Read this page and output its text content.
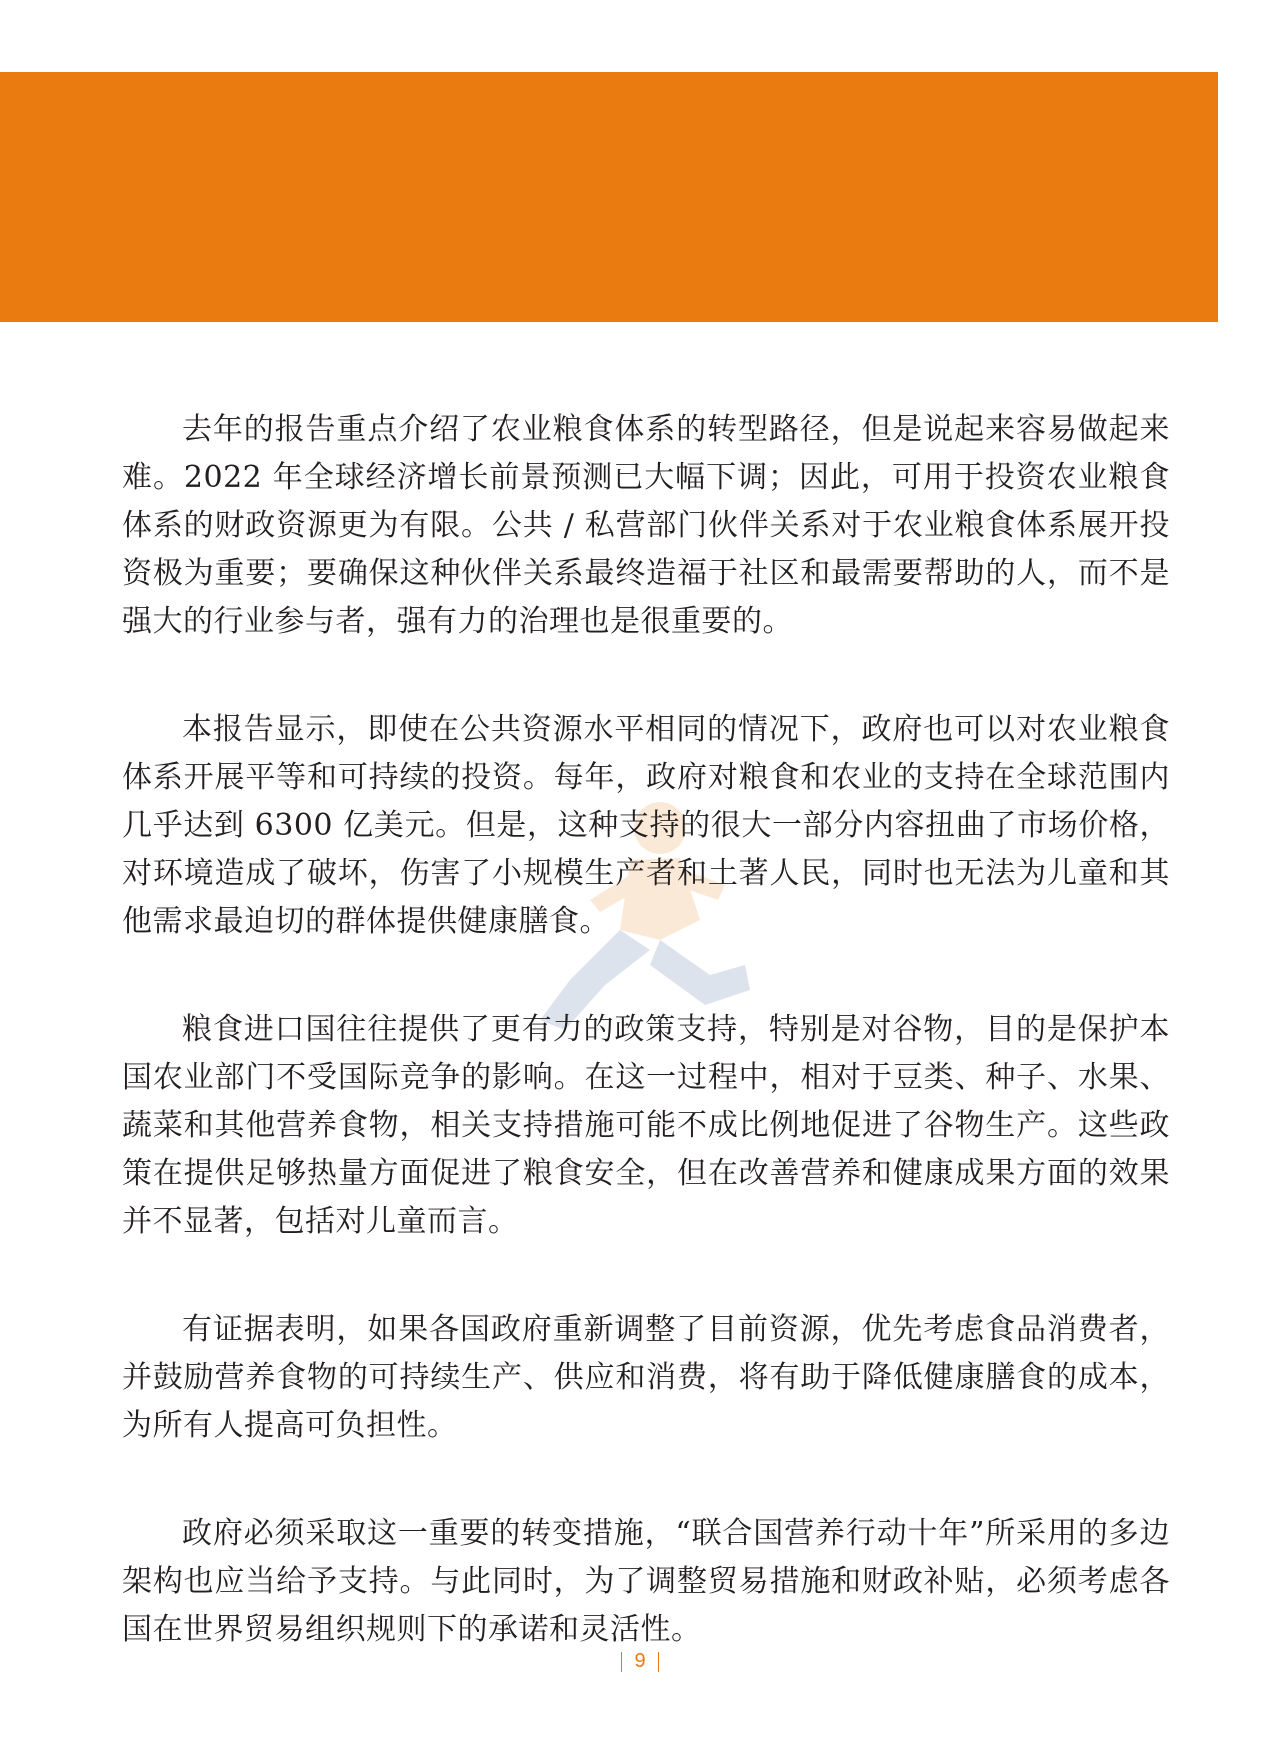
去年的报告重点介绍了农业粮食体系的转型路径，但是说起来容易做起来难。2022 年全球经济增长前景预测已大幅下调；因此，可用于投资农业粮食体系的财政资源更为有限。公共 / 私营部门伙伴关系对于农业粮食体系展开投资极为重要；要确保这种伙伴关系最终造福于社区和最需要帮助的人，而不是强大的行业参与者，强有力的治理也是很重要的。

本报告显示，即使在公共资源水平相同的情况下，政府也可以对农业粮食体系开展平等和可持续的投资。每年，政府对粮食和农业的支持在全球范围内几乎达到 6300 亿美元。但是，这种支持的很大一部分内容扭曲了市场价格，对环境造成了破坏，伤害了小规模生产者和土著人民，同时也无法为儿童和其他需求最迫切的群体提供健康膳食。

粮食进口国往往提供了更有力的政策支持，特别是对谷物，目的是保护本国农业部门不受国际竞争的影响。在这一过程中，相对于豆类、种子、水果、蔬菜和其他营养食物，相关支持措施可能不成比例地促进了谷物生产。这些政策在提供足够热量方面促进了粮食安全，但在改善营养和健康成果方面的效果并不显著，包括对儿童而言。

有证据表明，如果各国政府重新调整了目前资源，优先考虑食品消费者，并鼓励营养食物的可持续生产、供应和消费，将有助于降低健康膳食的成本，为所有人提高可负担性。

政府必须采取这一重要的转变措施，“联合国营养行动十年”所采用的多边架构也应当给予支持。与此同时，为了调整贸易措施和财政补贴，必须考虑各国在世界贸易组织规则下的承诺和灵活性。

9
